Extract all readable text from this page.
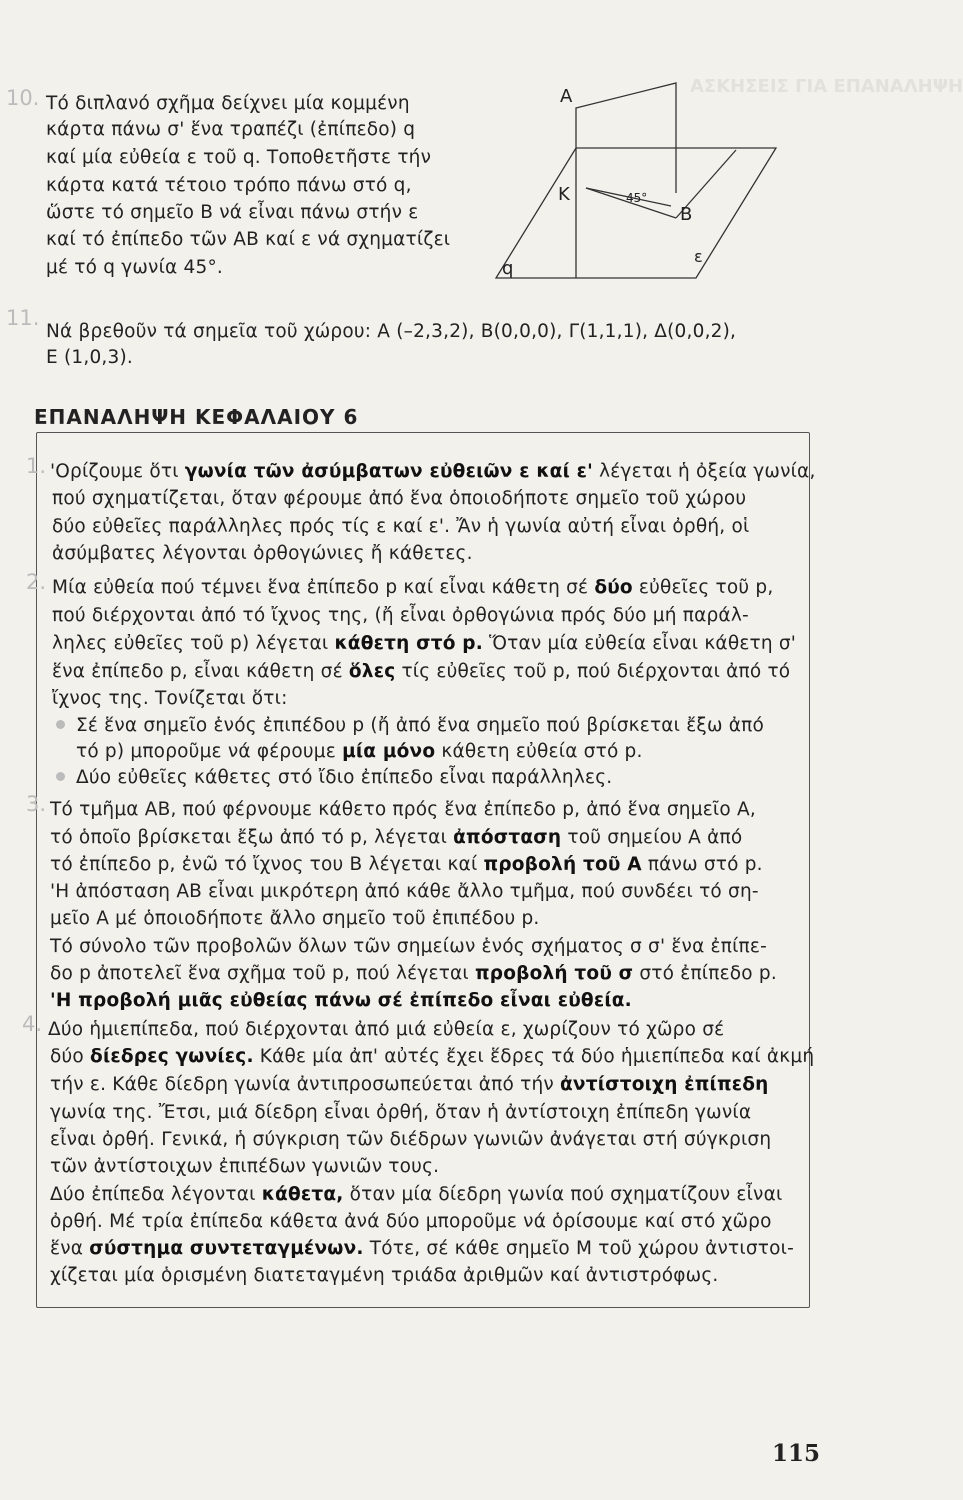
ΑΣΚΗΣΕΙΣ ΓΙΑ ΕΠΑΝΑΛΗΨΗ
10. Τό διπλανό σχῆμα δείχνει μία κομμένη
κάρτα πάνω σ' ἕνα τραπέζι (ἐπίπεδο) q
καί μία εὐθεία ε τοῦ q. Τοποθετῆστε τήν
κάρτα κατά τέτοιο τρόπο πάνω στό q,
ὥστε τό σημεῖο Β νά εἶναι πάνω στήν ε
καί τό ἐπίπεδο τῶν ΑΒ καί ε νά σχηματίζει
μέ τό q γωνία 45°.
Α
Κ
Β
45°
ε
q
11.
Νά βρεθοῦν τά σημεῖα τοῦ χώρου: Α (–2,3,2), Β(0,0,0), Γ(1,1,1), Δ(0,0,2),
Ε (1,0,3).
ΕΠΑΝΑΛΗΨΗ ΚΕΦΑΛΑΙΟΥ 6
1. 'Ορίζουμε ὅτι γωνία τῶν ἀσύμβατων εὐθειῶν ε καί ε' λέγεται ἡ ὀξεία γωνία,
πού σχηματίζεται, ὅταν φέρουμε ἀπό ἕνα ὁποιοδήποτε σημεῖο τοῦ χώρου
δύο εὐθεῖες παράλληλες πρός τίς ε καί ε'. Ἄν ἡ γωνία αὐτή εἶναι ὀρθή, οἱ
ἀσύμβατες λέγονται ὀρθογώνιες ἤ κάθετες.
2. Μία εὐθεία πού τέμνει ἕνα ἐπίπεδο p καί εἶναι κάθετη σέ δύο εὐθεῖες τοῦ p,
πού διέρχονται ἀπό τό ἴχνος της, (ἤ εἶναι ὀρθογώνια πρός δύο μή παράλ-
ληλες εὐθεῖες τοῦ p) λέγεται κάθετη στό p. Ὅταν μία εὐθεία εἶναι κάθετη σ'
ἕνα ἐπίπεδο p, εἶναι κάθετη σέ ὅλες τίς εὐθεῖες τοῦ p, πού διέρχονται ἀπό τό
ἴχνος της. Τονίζεται ὅτι:
Σέ ἕνα σημεῖο ἑνός ἐπιπέδου p (ἤ ἀπό ἕνα σημεῖο πού βρίσκεται ἔξω ἀπό
τό p) μποροῦμε νά φέρουμε μία μόνο κάθετη εὐθεία στό p.
Δύο εὐθεῖες κάθετες στό ἴδιο ἐπίπεδο εἶναι παράλληλες.
3. Τό τμῆμα ΑΒ, πού φέρνουμε κάθετο πρός ἕνα ἐπίπεδο p, ἀπό ἕνα σημεῖο Α,
τό ὁποῖο βρίσκεται ἔξω ἀπό τό p, λέγεται ἀπόσταση τοῦ σημείου Α ἀπό
τό ἐπίπεδο p, ἐνῶ τό ἴχνος του Β λέγεται καί προβολή τοῦ Α πάνω στό p.
'Η ἀπόσταση ΑΒ εἶναι μικρότερη ἀπό κάθε ἄλλο τμῆμα, πού συνδέει τό ση-
μεῖο Α μέ ὁποιοδήποτε ἄλλο σημεῖο τοῦ ἐπιπέδου p.
Τό σύνολο τῶν προβολῶν ὅλων τῶν σημείων ἑνός σχήματος σ σ' ἕνα ἐπίπε-
δο p ἀποτελεῖ ἕνα σχῆμα τοῦ p, πού λέγεται προβολή τοῦ σ στό ἐπίπεδο p.
'Η προβολή μιᾶς εὐθείας πάνω σέ ἐπίπεδο εἶναι εὐθεία.
4. Δύο ἡμιεπίπεδα, πού διέρχονται ἀπό μιά εὐθεία ε, χωρίζουν τό χῶρο σέ
δύο δίεδρες γωνίες. Κάθε μία ἀπ' αὐτές ἔχει ἕδρες τά δύο ἡμιεπίπεδα καί ἀκμή
τήν ε. Κάθε δίεδρη γωνία ἀντιπροσωπεύεται ἀπό τήν ἀντίστοιχη ἐπίπεδη
γωνία της. Ἔτσι, μιά δίεδρη εἶναι ὀρθή, ὅταν ἡ ἀντίστοιχη ἐπίπεδη γωνία
εἶναι ὀρθή. Γενικά, ἡ σύγκριση τῶν διέδρων γωνιῶν ἀνάγεται στή σύγκριση
τῶν ἀντίστοιχων ἐπιπέδων γωνιῶν τους.
Δύο ἐπίπεδα λέγονται κάθετα, ὅταν μία δίεδρη γωνία πού σχηματίζουν εἶναι
ὀρθή. Μέ τρία ἐπίπεδα κάθετα ἀνά δύο μποροῦμε νά ὁρίσουμε καί στό χῶρο
ἕνα σύστημα συντεταγμένων. Τότε, σέ κάθε σημεῖο Μ τοῦ χώρου ἀντιστοι-
χίζεται μία ὁρισμένη διατεταγμένη τριάδα ἀριθμῶν καί ἀντιστρόφως.
115
